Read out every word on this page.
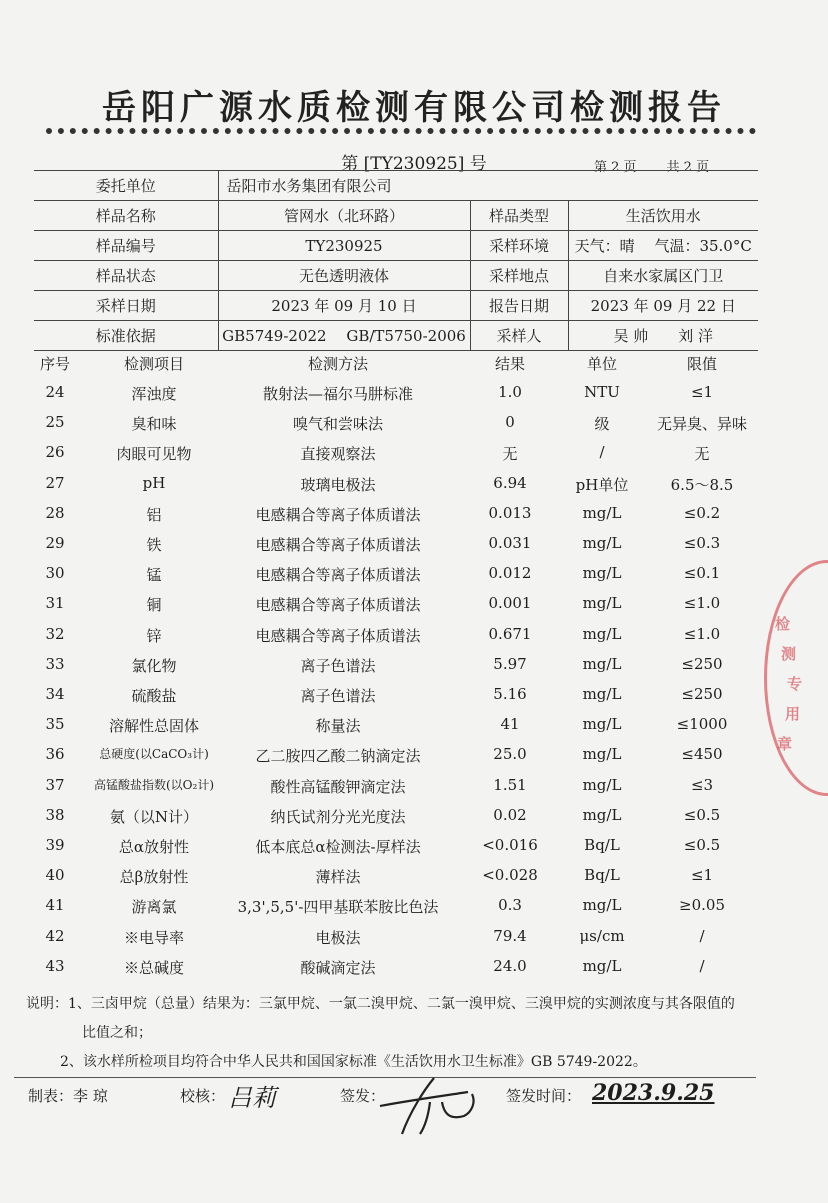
岳阳广源水质检测有限公司检测报告
第 [TY230925] 号	第 2 页 共 2 页
委托单位	岳阳市水务集团有限公司		
样品名称	管网水（北环路）	样品类型	生活饮用水
样品编号	TY230925	采样环境	天气：晴　 气温：35.0°C
样品状态	无色透明液体	采样地点	自来水家属区门卫
采样日期	2023 年 09 月 10 日	报告日期	2023 年 09 月 22 日
标准依据	GB5749-2022　 GB/T5750-2006	采样人	吴 帅　　刘 洋
序号	检测项目	检测方法	结果	单位	限值
24	浑浊度	散射法—福尔马肼标准	1.0	NTU	≤1
25	臭和味	嗅气和尝味法	0	级	无异臭、异味
26	肉眼可见物	直接观察法	无	/	无
27	pH	玻璃电极法	6.94	pH单位	6.5～8.5
28	铝	电感耦合等离子体质谱法	0.013	mg/L	≤0.2
29	铁	电感耦合等离子体质谱法	0.031	mg/L	≤0.3
30	锰	电感耦合等离子体质谱法	0.012	mg/L	≤0.1
31	铜	电感耦合等离子体质谱法	0.001	mg/L	≤1.0
32	锌	电感耦合等离子体质谱法	0.671	mg/L	≤1.0
33	氯化物	离子色谱法	5.97	mg/L	≤250
34	硫酸盐	离子色谱法	5.16	mg/L	≤250
35	溶解性总固体	称量法	41	mg/L	≤1000
36	总硬度(以CaCO₃计)	乙二胺四乙酸二钠滴定法	25.0	mg/L	≤450
37	高锰酸盐指数(以O₂计)	酸性高锰酸钾滴定法	1.51	mg/L	≤3
38	氨（以N计）	纳氏试剂分光光度法	0.02	mg/L	≤0.5
39	总α放射性	低本底总α检测法-厚样法	<0.016	Bq/L	≤0.5
40	总β放射性	薄样法	<0.028	Bq/L	≤1
41	游离氯	3,3',5,5'-四甲基联苯胺比色法	0.3	mg/L	≥0.05
42	※电导率	电极法	79.4	μs/cm	/
43	※总碱度	酸碱滴定法	24.0	mg/L	/
说明：1、三卤甲烷（总量）结果为：三氯甲烷、一氯二溴甲烷、二氯一溴甲烷、三溴甲烷的实测浓度与其各限值的
比值之和；
2、该水样所检项目均符合中华人民共和国国家标准《生活饮用水卫生标准》GB 5749-2022。
制表：李 琼	校核： 吕莉	签发：	签发时间： 2023.9.25
检
测
专
用
章
